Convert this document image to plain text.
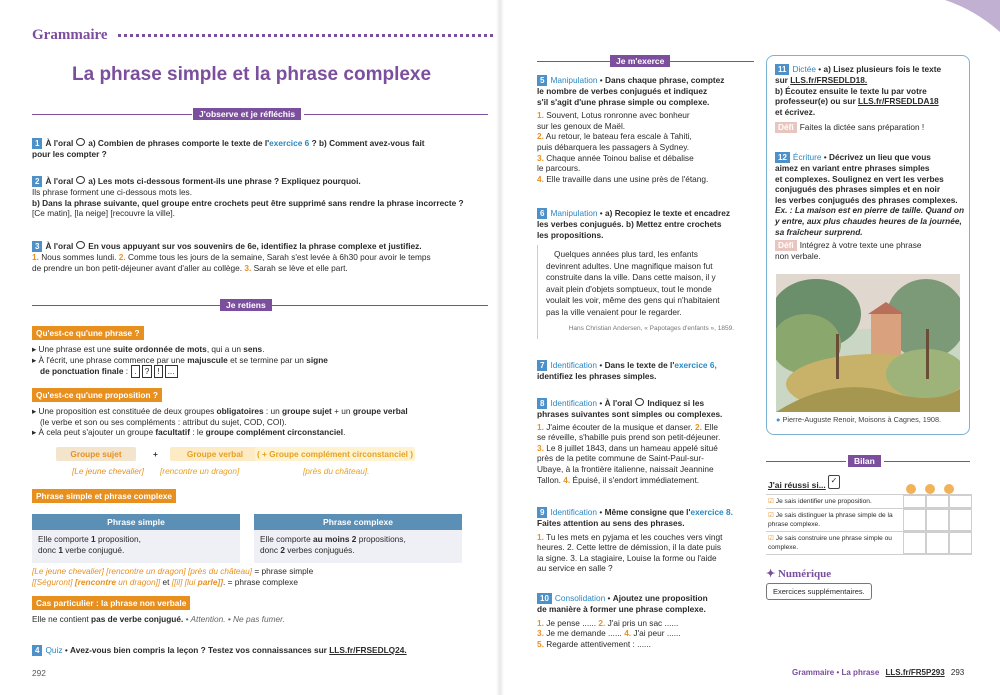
Grammaire
La phrase simple et la phrase complexe
J'observe et je réfléchis
1 À l'oral a) Combien de phrases comporte le texte de l'exercice 6 ? b) Comment avez-vous fait
pour les compter ?
2 À l'oral a) Les mots ci-dessous forment-ils une phrase ? Expliquez pourquoi.
Ils phrase forment une ci-dessous mots les.
b) Dans la phrase suivante, quel groupe entre crochets peut être supprimé sans rendre la phrase incorrecte ?
[Ce matin], [la neige] [recouvre la ville].
3 À l'oral En vous appuyant sur vos souvenirs de 6e, identifiez la phrase complexe et justifiez.
1. Nous sommes lundi. 2. Comme tous les jours de la semaine, Sarah s'est levée à 6h30 pour avoir le temps
de prendre un bon petit-déjeuner avant d'aller au collège. 3. Sarah se lève et elle part.
Je retiens
Qu'est-ce qu'une phrase ?
▸ Une phrase est une suite ordonnée de mots, qui a un sens.
▸ À l'écrit, une phrase commence par une majuscule et se termine par un signe
de ponctuation finale : . ? ! ...
Qu'est-ce qu'une proposition ?
▸ Une proposition est constituée de deux groupes obligatoires : un groupe sujet + un groupe verbal
(le verbe et son ou ses compléments : attribut du sujet, COD, COI).
▸ À cela peut s'ajouter un groupe facultatif : le groupe complément circonstanciel.
Groupe sujet	+	Groupe verbal	( + Groupe complément circonstanciel )
[Le jeune chevalier] [rencontre un dragon]	[près du château].
Phrase simple et phrase complexe
Phrase simple
Elle comporte 1 proposition,
donc 1 verbe conjugué.
Phrase complexe
Elle comporte au moins 2 propositions,
donc 2 verbes conjugués.
[Le jeune chevalier] [rencontre un dragon] [près du château] = phrase simple
[[Séguront] [rencontre un dragon]] et [[il] [lui parle]]. = phrase complexe
Cas particulier : la phrase non verbale
Elle ne contient pas de verbe conjugué. • Attention. • Ne pas fumer.
4 Quiz • Avez-vous bien compris la leçon ? Testez vos connaissances sur LLS.fr/FRSEDLQ24.
292
Je m'exerce
5 Manipulation • Dans chaque phrase, comptez
le nombre de verbes conjugués et indiquez
s'il s'agit d'une phrase simple ou complexe.
1. Souvent, Lotus ronronne avec bonheur
sur les genoux de Maël.
2. Au retour, le bateau fera escale à Tahiti,
puis débarquera les passagers à Sydney.
3. Chaque année Toinou balise et débalise
le parcours.
4. Elle travaille dans une usine près de l'étang.
6 Manipulation • a) Recopiez le texte et encadrez
les verbes conjugués. b) Mettez entre crochets
les propositions.
Quelques années plus tard, les enfants
devinrent adultes. Une magnifique maison fut
construite dans la ville. Dans cette maison, il y
avait plein d'objets somptueux, tout le monde
voulait les voir, même des gens qui n'habitaient
pas la ville venaient pour le regarder.
Hans Christian Andersen, « Papotages d'enfants », 1859.
7 Identification • Dans le texte de l'exercice 6,
identifiez les phrases simples.
8 Identification • À l'oral Indiquez si les
phrases suivantes sont simples ou complexes.
1. J'aime écouter de la musique et danser. 2. Elle
se réveille, s'habille puis prend son petit-déjeuner.
3. Le 8 juillet 1843, dans un hameau appelé situé
près de la petite commune de Saint-Paul-sur-
Ubaye, à la frontière italienne, naissait Jeannine
Tallon. 4. Épuisé, il s'endort immédiatement.
9 Identification • Même consigne que l'exercice 8.
Faites attention au sens des phrases.
1. Tu les mets en pyjama et les couches vers vingt
heures. 2. Cette lettre de démission, il la date puis
la signe. 3. La stagiaire, Louise la forme ou l'aide
au service en salle ?
10 Consolidation • Ajoutez une proposition
de manière à former une phrase complexe.
1. Je pense ...... 2. J'ai pris un sac ......
3. Je me demande ...... 4. J'ai peur ......
5. Regarde attentivement : ......
11 Dictée • a) Lisez plusieurs fois le texte
sur LLS.fr/FRSEDLD18.
b) Écoutez ensuite le texte lu par votre
professeur(e) ou sur LLS.fr/FRSEDLDA18
et écrivez.
Défi Faites la dictée sans préparation !
12 Écriture • Décrivez un lieu que vous
aimez en variant entre phrases simples
et complexes. Soulignez en vert les verbes
conjugués des phrases simples et en noir
les verbes conjugués des phrases complexes.
Ex. : La maison est en pierre de taille. Quand on
y entre, aux plus chaudes heures de la journée,
sa fraîcheur surprend.
Défi Intégrez à votre texte une phrase
non verbale.
● Pierre-Auguste Renoir, Moisons à Cagnes, 1908.
Bilan
J'ai réussi si... ✓
☑ Je sais identifier une proposition.
☑ Je sais distinguer la phrase simple de la phrase complexe.
☑ Je sais construire une phrase simple ou complexe.
✦ Numérique
Exercices supplémentaires.
Grammaire • La phrase LLS.fr/FR5P293 293
